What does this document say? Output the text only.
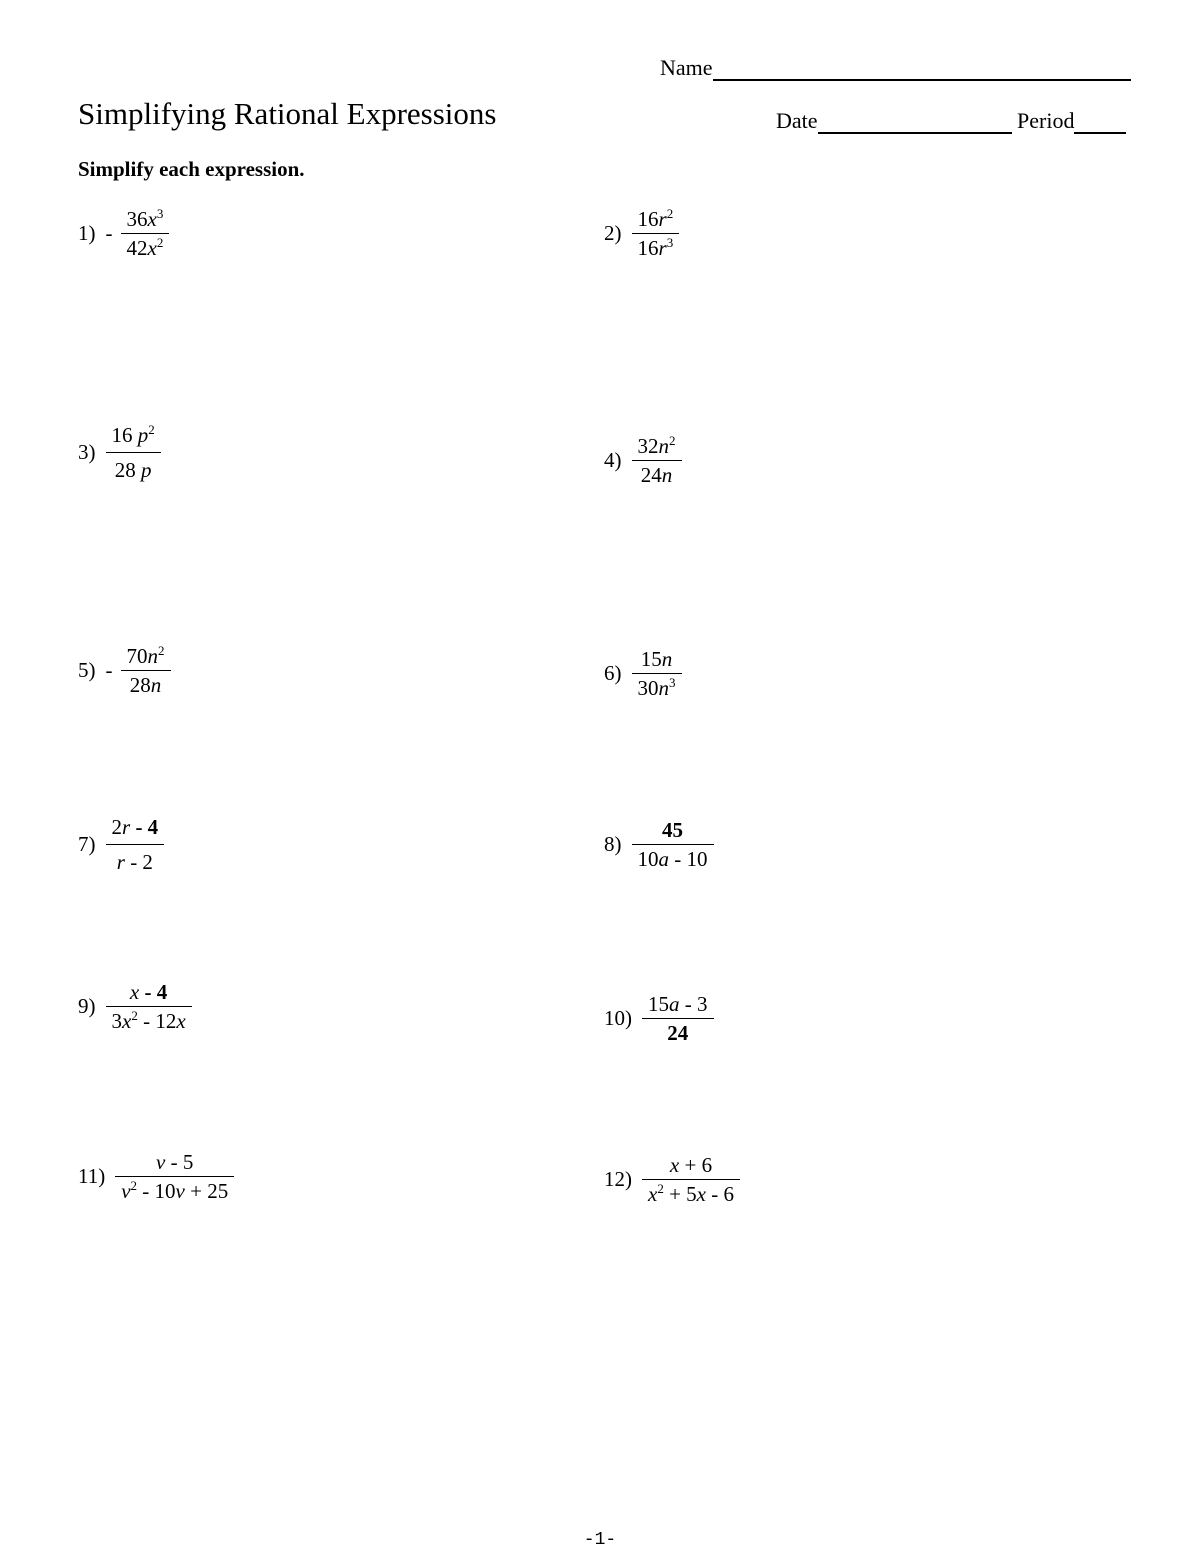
Name
Simplifying Rational Expressions	Date	Period
Simplify each expression.
$1) - \frac{36x^3}{42x^2}$	$2) \frac{16r^2}{16r^3}$
$3) \frac{16 p^2}{28 p}$	$4) \frac{32n^2}{24n}$
$5) - \frac{70n^2}{28n}$	$6) \frac{15n}{30n^3}$
$7) \frac{2r - 4}{r - 2}$	$8) \frac{45}{10a - 10}$
$9) \frac{x - 4}{3x^2 - 12x}$	$10) \frac{15a - 3}{24}$
$11) \frac{v - 5}{v^2 - 10v + 25}$	$12) \frac{x + 6}{x^2 + 5x - 6}$
-1-
